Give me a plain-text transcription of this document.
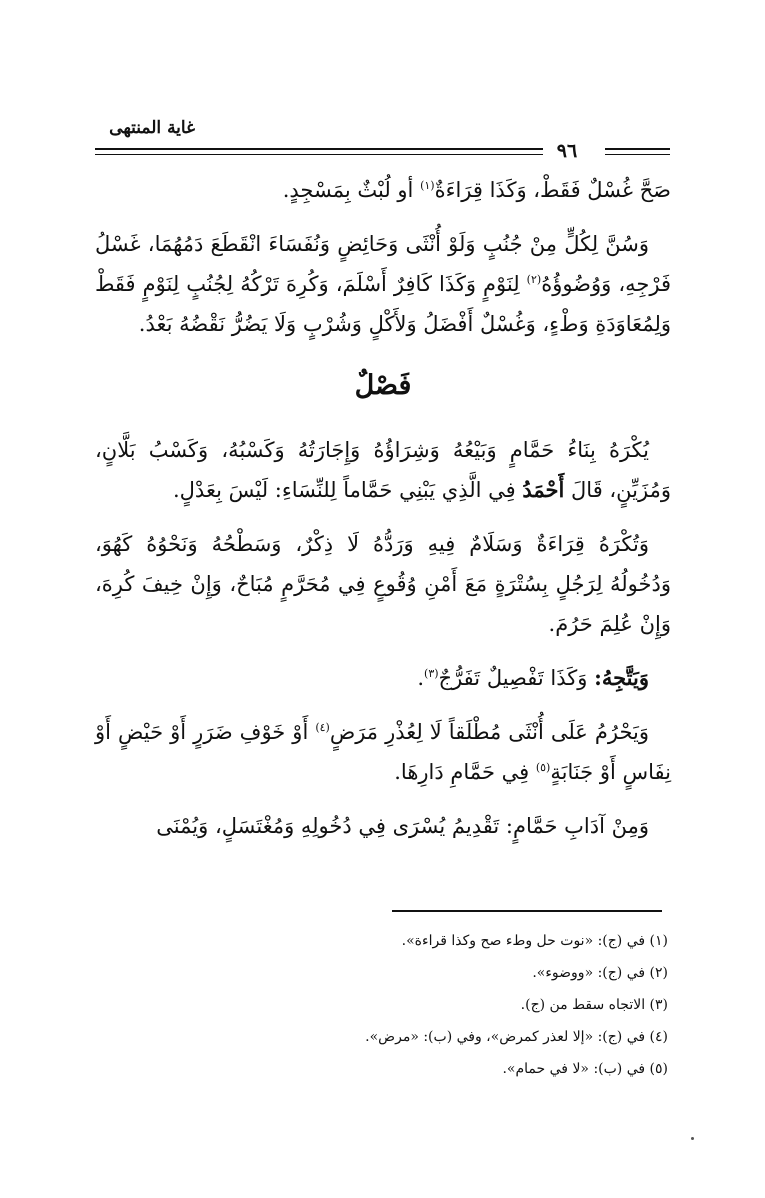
غاية المنتهى
٩٦

صَحَّ غُسْلٌ فَقَطْ، وَكَذَا قِرَاءَةٌ$^{(١)}$ أو لُبْثٌ بِمَسْجِدٍ.

وَسُنَّ لِكُلٍّ مِنْ جُنُبٍ وَلَوْ أُنْثَى وَحَائِضٍ وَنُفَسَاءَ انْقَطَعَ دَمُهُمَا، غَسْلُ فَرْجِهِ، وَوُضُوؤُهُ$^{(٢)}$ لِنَوْمٍ وَكَذَا كَافِرٌ أَسْلَمَ، وَكُرِهَ تَرْكُهُ لِجُنُبٍ لِنَوْمٍ فَقَطْ وَلِمُعَاوَدَةِ وَطْءٍ، وَغُسْلٌ أَفْضَلُ وَلأَكْلٍ وَشُرْبٍ وَلَا يَضُرُّ نَقْضُهُ بَعْدُ.

فَصْلٌ

يُكْرَهُ بِنَاءُ حَمَّامٍ وَبَيْعُهُ وَشِرَاؤُهُ وَإِجَارَتُهُ وَكَسْبُهُ، وَكَسْبُ بَلَّانٍ، وَمُزَيِّنٍ، قَالَ أَحْمَدُ فِي الَّذِي يَبْنِي حَمَّاماً لِلنِّسَاءِ: لَيْسَ بِعَدْلٍ.

وَتُكْرَهُ قِرَاءَةٌ وَسَلَامٌ فِيهِ وَرَدُّهُ لَا ذِكْرٌ، وَسَطْحُهُ وَنَحْوُهُ كَهُوَ، وَدُخُولُهُ لِرَجُلٍ بِسُتْرَةٍ مَعَ أَمْنِ وُقُوعٍ فِي مُحَرَّمٍ مُبَاحٌ، وَإِنْ خِيفَ كُرِهَ، وَإِنْ عُلِمَ حَرُمَ.

وَيَتَّجِهُ: وَكَذَا تَفْصِيلٌ تَفَرُّجٌ$^{(٣)}$.

وَيَحْرُمُ عَلَى أُنْثَى مُطْلَقاً لَا لِعُذْرِ مَرَضٍ$^{(٤)}$ أَوْ خَوْفِ ضَرَرٍ أَوْ حَيْضٍ أَوْ نِفَاسٍ أَوْ جَنَابَةٍ$^{(٥)}$ فِي حَمَّامِ دَارِهَا.

وَمِنْ آدَابِ حَمَّامٍ: تَقْدِيمُ يُسْرَى فِي دُخُولِهِ وَمُغْتَسَلٍ، وَيُمْنَى

(١) في (ج): «نوت حل وطء صح وكذا قراءة».
(٢) في (ج): «ووضوء».
(٣) الاتجاه سقط من (ج).
(٤) في (ج): «إلا لعذر كمرض»، وفي (ب): «مرض».
(٥) في (ب): «لا في حمام».
